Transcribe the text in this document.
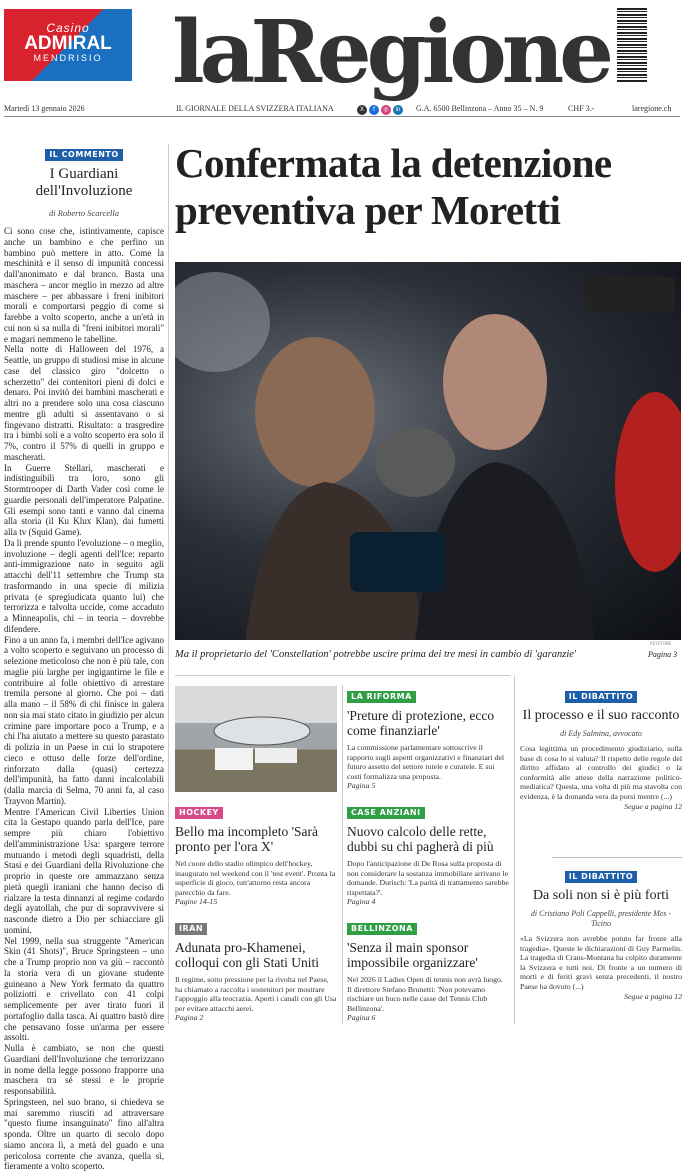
Casino
ADMIRAL
MENDRISIO laRegione
Martedì 13 gennaio 2026	IL GIORNALE DELLA SVIZZERA ITALIANA	X	f	◎	in	G.A. 6500 Bellinzona – Anno 35 – N. 9	CHF 3.-	laregione.ch
IL COMMENTO
I Guardiani dell'Involuzione
di Roberto Scarcella

Ci sono cose che, istintivamente, capisce anche un bambino e che perfino un bambino può mettere in atto. Come la meschinità e il senso di impunità concessi dall'anonimato e dal branco. Basta una maschera – ancor meglio in mezzo ad altre maschere – per abbassare i freni inibitori morali e comportarsi peggio di come si farebbe a volto scoperto, anche a un'età in cui non si sa nulla di "freni inibitori morali" e magari nemmeno le tabelline.

Nella notte di Halloween del 1976, a Seattle, un gruppo di studiosi mise in alcune case del classico giro "dolcetto o scherzetto" dei contenitori pieni di dolci e denaro. Poi invitò dei bambini mascherati e altri no a prendere solo una cosa ciascuno mentre gli adulti si assentavano o si fingevano distratti. Risultato: a trasgredire tra i bimbi soli e a volto scoperto era solo il 7%, contro il 57% di quelli in gruppo e mascherati.

In Guerre Stellari, mascherati e indistinguibili tra loro, sono gli Stormtrooper di Darth Vader così come le guardie personali dell'imperatore Palpatine. Gli esempi sono tanti e vanno dal cinema alla storia (il Ku Klux Klan), dai fumetti alla tv (Squid Game).

Da lì prende spunto l'evoluzione – o meglio, involuzione – degli agenti dell'Ice: reparto anti-immigrazione nato in seguito agli attacchi dell'11 settembre che Trump sta trasformando in una specie di milizia privata (e spregiudicata quanto lui) che terrorizza e talvolta uccide, come accaduto a Minneapolis, chi – in teoria – dovrebbe difendere.

Fino a un anno fa, i membri dell'Ice agivano a volto scoperto e seguivano un processo di selezione meticoloso che non è più tale, con maglie più larghe per ingigantirne le file e contribuire al folle obiettivo di arrestare tremila persone al giorno. Che poi – dati alla mano – il 58% di chi finisce in galera non sia mai stato citato in giudizio per alcun crimine pare importare poco a Trump, e a chi l'ha aiutato a mettere su questo parastato di polizia in un Paese in cui lo strapotere cieco e ottuso delle forze dell'ordine, rinforzato dalla (quasi) certezza dell'impunità, ha fatto danni incalcolabili (dalla marcia di Selma, 70 anni fa, al caso Trayvon Martin).

Mentre l'American Civil Liberties Union cita la Gestapo quando parla dell'Ice, pare sempre più chiaro l'obiettivo dell'amministrazione Usa: spargere terrore mutuando i metodi degli squadristi, della Stasi e dei Guardiani della Rivoluzione che proprio in queste ore ammazzano senza pietà quegli iraniani che hanno deciso di rialzare la testa dinnanzi al regime codardo degli ayatollah, che pur di sopravvivere si nasconde dietro a Dio per schiacciare gli uomini.

Nel 1999, nella sua struggente "American Skin (41 Shots)", Bruce Springsteen – uno che a Trump proprio non va giù – raccontò la storia vera di un giovane studente guineano a New York fermato da quattro poliziotti e crivellato con 41 colpi semplicemente per aver tirato fuori il portafoglio dalla tasca. Ai quattro bastò dire che pensavano fosse un'arma per essere assolti.

Nulla è cambiato, se non che questi Guardiani dell'Involuzione che terrorizzano in nome della legge possono frapporre una maschera tra sé stessi e le proprie responsabilità.

Springsteen, nel suo brano, si chiedeva se mai saremmo riusciti ad attraversare "questo fiume insanguinato" fino all'altra sponda. Oltre un quarto di secolo dopo siamo ancora lì, a metà del guado e una pericolosa corrente che avanza, quella sì, fieramente a volto scoperto.

Confermata la detenzione preventiva per Moretti
KEYSTONE
Ma il proprietario del 'Constellation' potrebbe uscire prima dei tre mesi in cambio di 'garanzie'	Pagina 3
HOCKEY
Bello ma incompleto 'Sarà pronto per l'ora X'

Nel cuore dello stadio olimpico dell'hockey, inaugurato nel weekend con il 'test event'. Pronta la superficie di gioco, tutt'attorno resta ancora parecchio da fare.

Pagine 14-15

IRAN
Adunata pro-Khamenei, colloqui con gli Stati Uniti

Il regime, sotto pressione per la rivolta nel Paese, ha chiamato a raccolta i sostenitori per mostrare l'appoggio alla teocrazia. Aperti i canali con gli Usa per evitare attacchi aerei.

Pagina 2

LA RIFORMA
'Preture di protezione, ecco come finanziarle'

La commissione parlamentare sottoscrive il rapporto sugli aspetti organizzativi e finanziari del futuro assetto del settore tutele e curatele. E sui costi formalizza una proposta.

Pagina 5

CASE ANZIANI
Nuovo calcolo delle rette, dubbi su chi pagherà di più

Dopo l'anticipazione di De Rosa sulla proposta di non considerare la sostanza immobiliare arrivano le domande. Durisch: 'La parità di trattamento sarebbe rispettata?'.

Pagina 4

BELLINZONA
'Senza il main sponsor impossibile organizzare'

Nel 2026 il Ladies Open di tennis non avrà luogo. Il direttore Stefano Brunetti: 'Non potevamo rischiare un buco nelle casse del Tennis Club Bellinzona'.

Pagina 6

IL DIBATTITO
Il processo e il suo racconto
di Edy Salmina, avvocato

Cosa legittima un procedimento giudiziario, sulla base di cosa lo si valuta? Il rispetto delle regole del diritto affidato al controllo dei giudici o la conformità alle attese della narrazione politico-mediatica? Questa, una volta di più ma stavolta con evidenza, è la domanda vera da porsi mentre (...)

Segue a pagina 12

IL DIBATTITO
Da soli non si è più forti
di Cristiano Poli Cappelli, presidente Mes - Ticino

«La Svizzera non avrebbe potuto far fronte alla tragedia». Queste le dichiarazioni di Guy Parmelin. La tragedia di Crans-Montana ha colpito duramente la Svizzera e tutti noi. Di fronte a un numero di morti e di feriti gravi senza precedenti, il nostro Paese ha dovuto (...)

Segue a pagina 12
